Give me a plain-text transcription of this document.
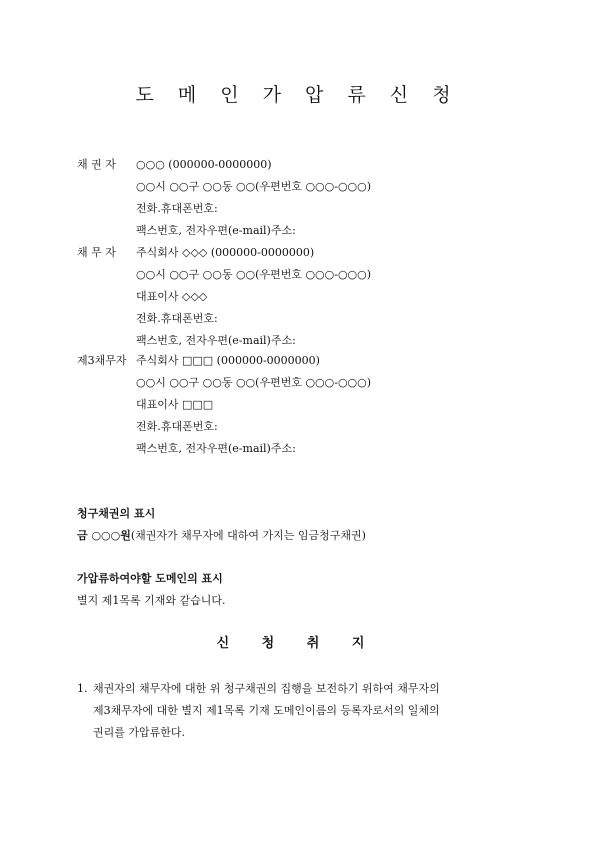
도 메 인 가 압 류 신 청
채 권 자 ○○○ (000000-0000000)
○○시 ○○구 ○○동 ○○(우편번호 ○○○-○○○)
전화․휴대폰번호:
팩스번호, 전자우편(e-mail)주소:
채 무 자 주식회사 ◇◇◇ (000000-0000000)
○○시 ○○구 ○○동 ○○(우편번호 ○○○-○○○)
대표이사 ◇◇◇
전화․휴대폰번호:
팩스번호, 전자우편(e-mail)주소:
제3채무자 주식회사 □□□ (000000-0000000)
○○시 ○○구 ○○동 ○○(우편번호 ○○○-○○○)
대표이사 □□□
전화․휴대폰번호:
팩스번호, 전자우편(e-mail)주소:
청구채권의 표시
금 ○○○원(채권자가 채무자에 대하여 가지는 임금청구채권)
가압류하여야할 도메인의 표시
별지 제1목록 기재와 같습니다.
신 청 취 지
1. 채권자의 채무자에 대한 위 청구채권의 집행을 보전하기 위하여 채무자의
제3채무자에 대한 별지 제1목록 기재 도메인이름의 등록자로서의 일체의
권리를 가압류한다.
